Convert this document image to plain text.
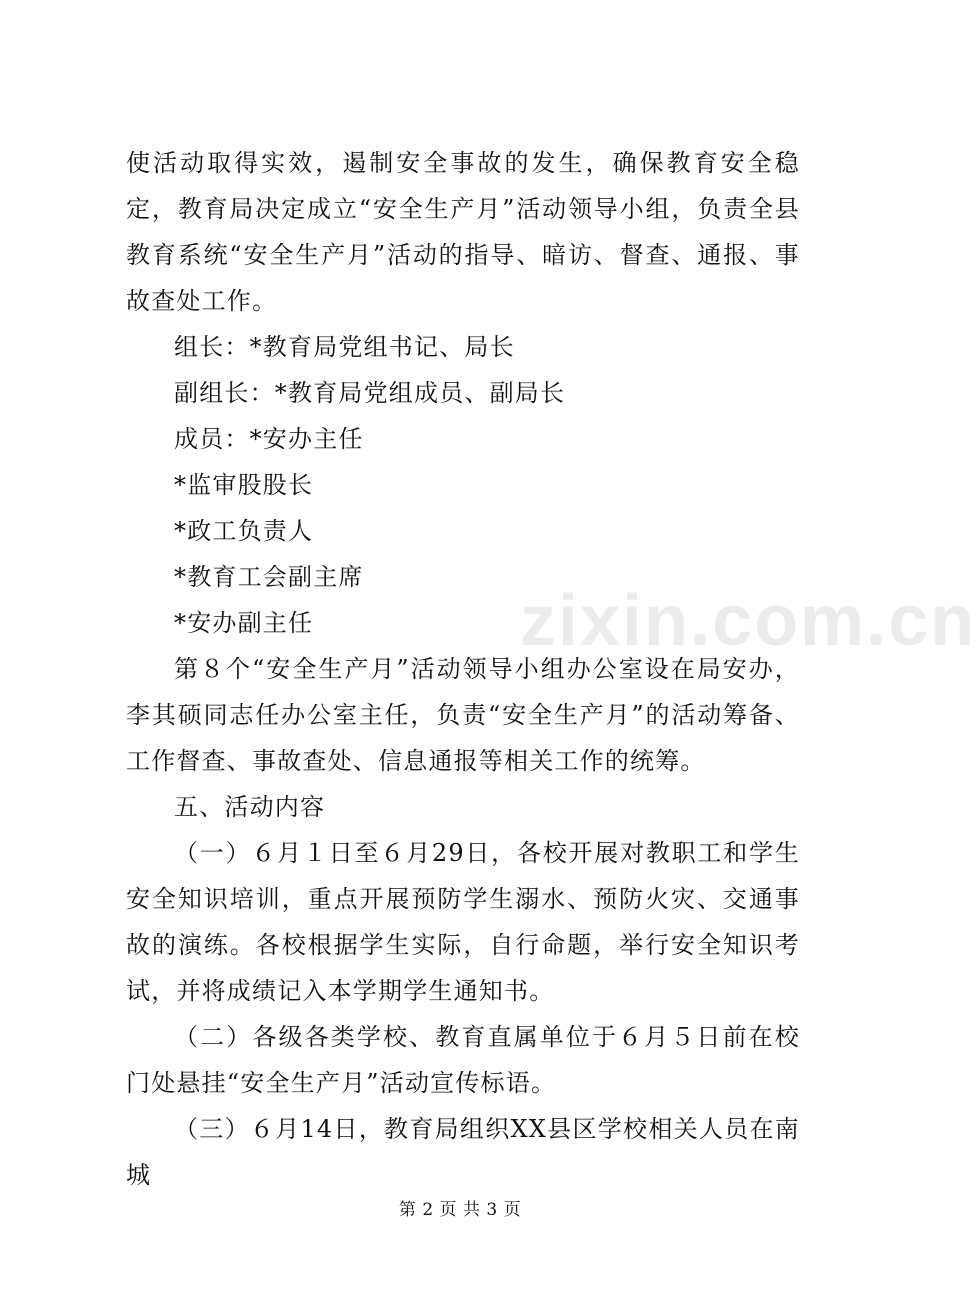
zixin.com.cn

使活动取得实效，遏制安全事故的发生，确保教育安全稳定，教育局决定成立“安全生产月”活动领导小组，负责全县教育系统“安全生产月”活动的指导、暗访、督查、通报、事故查处工作。

组长：*教育局党组书记、局长

副组长：*教育局党组成员、副局长

成员：*安办主任

*监审股股长

*政工负责人

*教育工会副主席

*安办副主任

第８个“安全生产月”活动领导小组办公室设在局安办，李其硕同志任办公室主任，负责“安全生产月”的活动筹备、工作督查、事故查处、信息通报等相关工作的统筹。

五、活动内容

（一）６月１日至６月29日，各校开展对教职工和学生安全知识培训，重点开展预防学生溺水、预防火灾、交通事故的演练。各校根据学生实际，自行命题，举行安全知识考试，并将成绩记入本学期学生通知书。

（二）各级各类学校、教育直属单位于６月５日前在校门处悬挂“安全生产月”活动宣传标语。

（三）６月14日，教育局组织XX县区学校相关人员在南城

第 2 页 共 3 页
